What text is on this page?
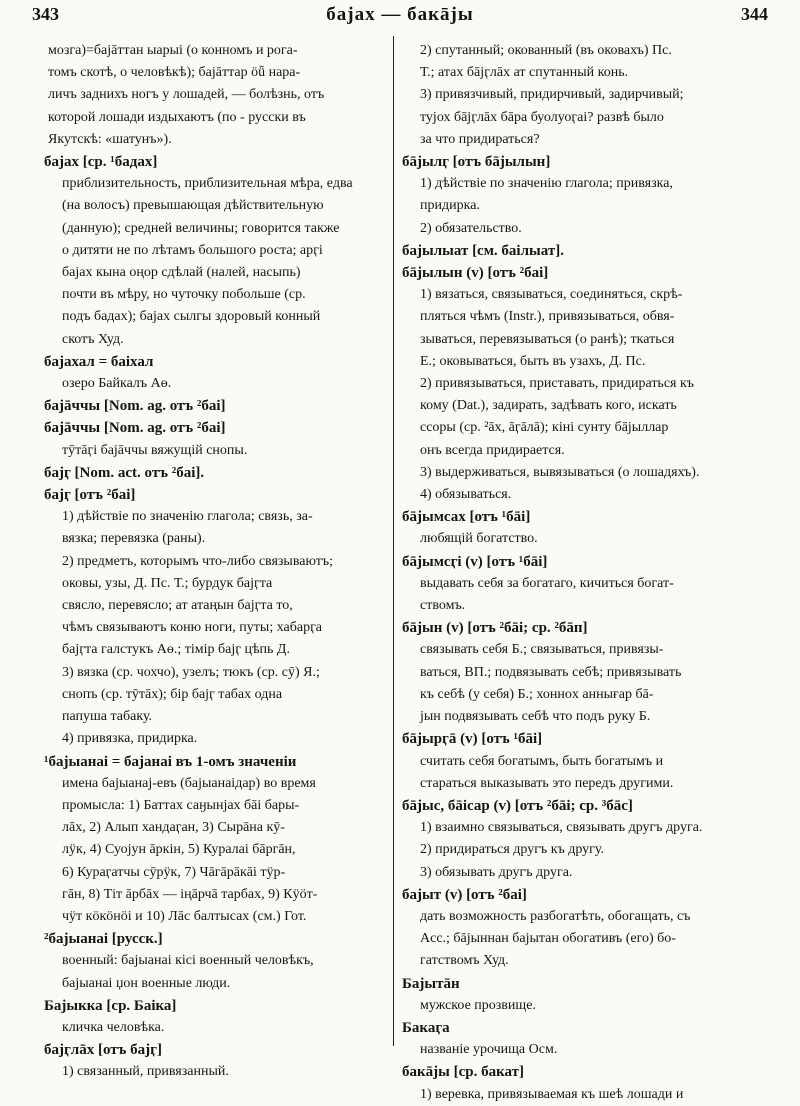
343	бајах — бакāјы	344
мозга)=бајāттан ыарыі (о конномъ и рога-
томъ скотѣ, о человѣкѣ); бајāттар öǖ нара-
личъ заднихъ ногъ у лошадей, — болѣзнь, отъ
которой лошади издыхаютъ (по - русски въ
Якутскѣ: «шатунъ»).
бајах [ср. ¹бадах]
приблизительность, приблизительная мѣра, едва
(на волосъ) превышающая дѣйствительную
(данную); средней величины; говорится также
о дитяти не по лѣтамъ большого роста; арӷі
бајах кына оңор сдѣлай (налей, насыпь)
почти въ мѣру, но чуточку побольше (ср.
подъ бадах); бајах сылгы здоровый конный
скотъ Худ.
бајахал = баіхал
озеро Байкалъ Аө.
бајāччы [Nom. ag. отъ ²баі]
бајāччы [Nom. ag. отъ ²баі]
тӯтāӷі бајāччы вяжущій снопы.
бајӷ [Nom. act. отъ ²баі].
бајӷ [отъ ²баі]
1) дѣйствіе по значенію глагола; связь, за-
вязка; перевязка (раны).
2) предметъ, которымъ что-либо связываютъ;
оковы, узы, Д. Пс. Т.; бурдук бајӷта
свясло, перевясло; ат атаңын бајӷта то,
чѣмъ связываютъ коню ноги, путы; хабарӷа
бајӷта галстукъ Аө.; тімір бајӷ цѣпь Д.
3) вязка (ср. чохчо), узелъ; тюкъ (ср. сӯ) Я.;
снопъ (ср. тӯтāх); бір бајӷ табах одна
папуша табаку.
4) привязка, придирка.
¹бајыанаі = бајанаі въ 1-омъ значеніи
имена бајыанај-евъ (бајыанаідар) во время
промысла: 1) Баттах саӈынјах бāі бары-
лāх, 2) Алып хандаӷан, 3) Сырāна кӯ-
лӱк, 4) Суојун āркін, 5) Куралаі бāргāн,
6) Кураӷатчы сӯрӱк, 7) Чāгāрāкāі тӱр-
гāн, 8) Тіт āрбāх — іңāрчā тарбах, 9) Кӱöт-
чӱт кöкöнöі и 10) Лāс балтысах (см.) Гот.
²бајыанаі [русск.]
военный: бајыанаі кісі военный человѣкъ,
бајыанаі џон военные люди.
Бајыкка [ср. Баіка]
кличка человѣка.
бајӷлāх [отъ бајӷ]
1) связанный, привязанный.
2) спутанный; окованный (въ оковахъ) Пс.
Т.; атах бāјӷлāх ат спутанный конь.
3) привязчивый, придирчивый, задирчивый;
тујох бāјӷлāх бāра буолуоӷаі? развѣ было
за что придираться?
бāјылӷ [отъ бāјылын]
1) дѣйствіе по значенію глагола; привязка,
придирка.
2) обязательство.
бајылыат [см. баілыат].
бāјылын (v) [отъ ²баі]
1) вязаться, связываться, соединяться, скрѣ-
пляться чѣмъ (Instr.), привязываться, обвя-
зываться, перевязываться (о ранѣ); ткаться
Е.; оковываться, быть въ узахъ, Д. Пс.
2) привязываться, приставать, придираться къ
кому (Dat.), задирать, задѣвать кого, искать
ссоры (ср. ²āх, āӷāлā); кіні сунту бāјыллар
онъ всегда придирается.
3) выдерживаться, вывязываться (о лошадяхъ).
4) обязываться.
бāјымсах [отъ ¹бāі]
любящій богатство.
бāјымсӷі (v) [отъ ¹бāі]
выдавать себя за богатаго, кичиться богат-
ствомъ.
бāјын (v) [отъ ²бāі; ср. ²бāп]
связывать себя Б.; связываться, привязы-
ваться, ВП.; подвязывать себѣ; привязывать
къ себѣ (у себя) Б.; хонноx аннығар бā-
јын подвязывать себѣ что подъ руку Б.
бāјырӷā (v) [отъ ¹бāі]
считать себя богатымъ, быть богатымъ и
стараться выказывать это передъ другими.
бāјыс, бāісар (v) [отъ ²бāі; ср. ³бāс]
1) взаимно связываться, связывать другъ друга.
2) придираться другъ къ другу.
3) обязывать другъ друга.
бајыт (v) [отъ ²баі]
дать возможность разбогатѣть, обогащать, съ
Acc.; бāјыннан бајытан обогативъ (его) бо-
гатствомъ Худ.
Бајытāн
мужское прозвище.
Бакаӷа
названіе урочища Осм.
бакāјы [ср. бакат]
1) веревка, привязываемая къ шеѣ лошади и
